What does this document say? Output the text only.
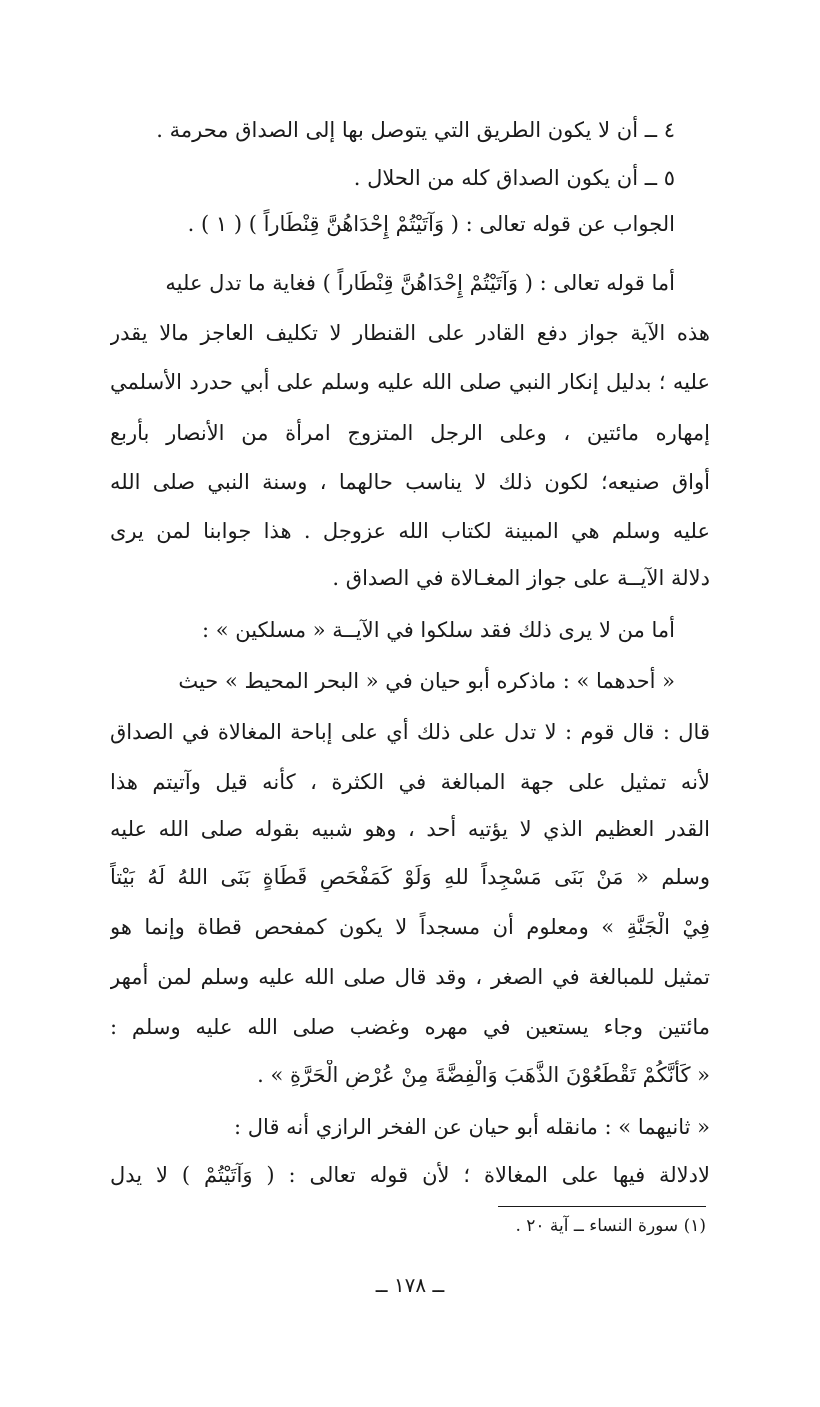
٤ ــ أن لا يكون الطريق التي يتوصل بها إلى الصداق محرمة .
٥ ــ أن يكون الصداق كله من الحلال .
الجواب عن قوله تعالى : ( وَآتَيْتُمْ إِحْدَاهُنَّ قِنْطَاراً ) ( ١ ) .
أما قوله تعالى : ( وَآتَيْتُمْ إِحْدَاهُنَّ قِنْطَاراً ) فغاية ما تدل عليه
هذه الآية جواز دفع القادر على القنطار لا تكليف العاجز مالا يقدر
عليه ؛ بدليل إنكار النبي صلى الله عليه وسلم على أبي حدرد الأسلمي
إمهاره مائتين ، وعلى الرجل المتزوج امرأة من الأنصار بأربع
أواق صنيعه؛ لكون ذلك لا يناسب حالهما ، وسنة النبي صلى الله
عليه وسلم هي المبينة لكتاب الله عزوجل . هذا جوابنا لمن يرى
دلالة الآيــة على جواز المغـالاة في الصداق .
أما من لا يرى ذلك فقد سلكوا في الآيــة « مسلكين » :
« أحدهما » : ماذكره أبو حيان في « البحر المحيط » حيث
قال : قال قوم : لا تدل على ذلك أي على إباحة المغالاة في الصداق
لأنه تمثيل على جهة المبالغة في الكثرة ، كأنه قيل وآتيتم هذا
القدر العظيم الذي لا يؤتيه أحد ، وهو شبيه بقوله صلى الله عليه
وسلم « مَنْ بَنَى مَسْجِداً للهِ وَلَوْ كَمَفْحَصِ قَطَاةٍ بَنَى اللهُ لَهُ بَيْتاً
فِيْ الْجَنَّةِ » ومعلوم أن مسجداً لا يكون كمفحص قطاة وإنما هو
تمثيل للمبالغة في الصغر ، وقد قال صلى الله عليه وسلم لمن أمهر
مائتين وجاء يستعين في مهره وغضب صلى الله عليه وسلم :
« كَأَنَّكُمْ تَقْطَعُوْنَ الذَّهَبَ وَالْفِضَّةَ مِنْ عُرْضِ الْحَرَّةِ » .
« ثانيهما » : مانقله أبو حيان عن الفخر الرازي أنه قال :
لادلالة فيها على المغالاة ؛ لأن قوله تعالى : ( وَآتَيْتُمْ ) لا يدل
(١) سورة النساء ــ آية ٢٠ .
ــ ١٧٨ ــ
